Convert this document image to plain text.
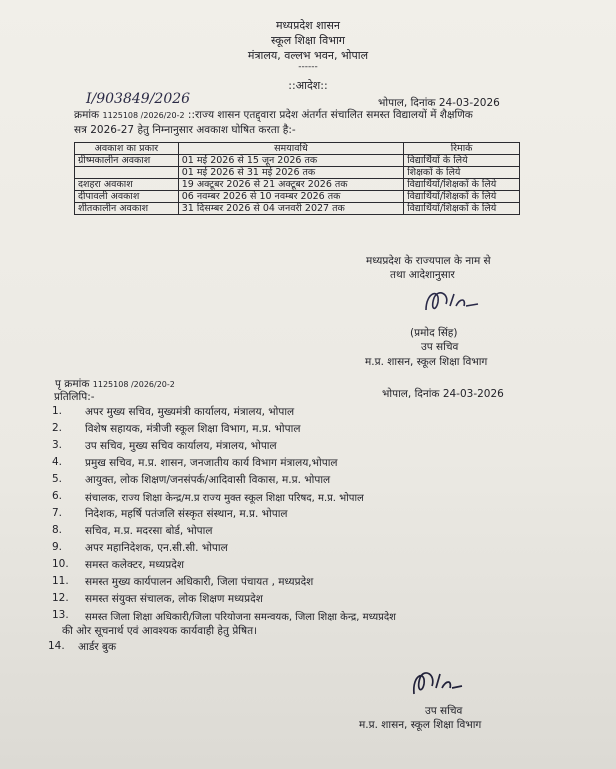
मध्यप्रदेश शासन
स्कूल शिक्षा विभाग
मंत्रालय, वल्लभ भवन, भोपाल
------
::आदेश::
I/903849/2026	भोपाल, दिनांक 24-03-2026
क्रमांक 1125108 /2026/20-2 ::राज्य शासन एतद्द्वारा प्रदेश अंतर्गत संचालित समस्त विद्यालयों में शैक्षणिक
सत्र 2026-27 हेतु निम्नानुसार अवकाश घोषित करता है:-
अवकाश का प्रकार	समयावधि	रिमार्क
ग्रीष्मकालीन अवकाश	01 मई 2026 से 15 जून 2026 तक	विद्यार्थियों के लिये
	01 मई 2026 से 31 मई 2026 तक	शिक्षकों के लिये
दशहरा अवकाश	19 अक्टूबर 2026 से 21 अक्टूबर 2026 तक	विद्यार्थियों/शिक्षकों के लिये
दीपावली अवकाश	06 नवम्बर 2026 से 10 नवम्बर 2026 तक	विद्यार्थियों/शिक्षकों के लिये
शीतकालीन अवकाश	31 दिसम्बर 2026 से 04 जनवरी 2027 तक	विद्यार्थियों/शिक्षकों के लिये
मध्यप्रदेश के राज्यपाल के नाम से
तथा आदेशानुसार
(प्रमोद सिंह)
उप सचिव
म.प्र. शासन, स्कूल शिक्षा विभाग
पृ क्रमांक 1125108 /2026/20-2
भोपाल, दिनांक 24-03-2026
प्रतिलिपि:-
1. अपर मुख्य सचिव, मुख्यमंत्री कार्यालय, मंत्रालय, भोपाल
2. विशेष सहायक, मंत्रीजी स्कूल शिक्षा विभाग, म.प्र. भोपाल
3. उप सचिव, मुख्य सचिव कार्यालय, मंत्रालय, भोपाल
4. प्रमुख सचिव, म.प्र. शासन, जनजातीय कार्य विभाग मंत्रालय,भोपाल
5. आयुक्त, लोक शिक्षण/जनसंपर्क/आदिवासी विकास, म.प्र. भोपाल
6. संचालक, राज्य शिक्षा केन्द्र/म.प्र राज्य मुक्त स्कूल शिक्षा परिषद, म.प्र. भोपाल
7. निदेशक, महर्षि पतंजलि संस्कृत संस्थान, म.प्र. भोपाल
8. सचिव, म.प्र. मदरसा बोर्ड, भोपाल
9. अपर महानिदेशक, एन.सी.सी. भोपाल
10. समस्त कलेक्टर, मध्यप्रदेश
11. समस्त मुख्य कार्यपालन अधिकारी, जिला पंचायत , मध्यप्रदेश
12. समस्त संयुक्त संचालक, लोक शिक्षण मध्यप्रदेश
13. समस्त जिला शिक्षा अधिकारी/जिला परियोजना समन्वयक, जिला शिक्षा केन्द्र, मध्यप्रदेश
की ओर सूचनार्थ एवं आवश्यक कार्यवाही हेतु प्रेषित।
14. आर्डर बुक
उप सचिव
म.प्र. शासन, स्कूल शिक्षा विभाग
